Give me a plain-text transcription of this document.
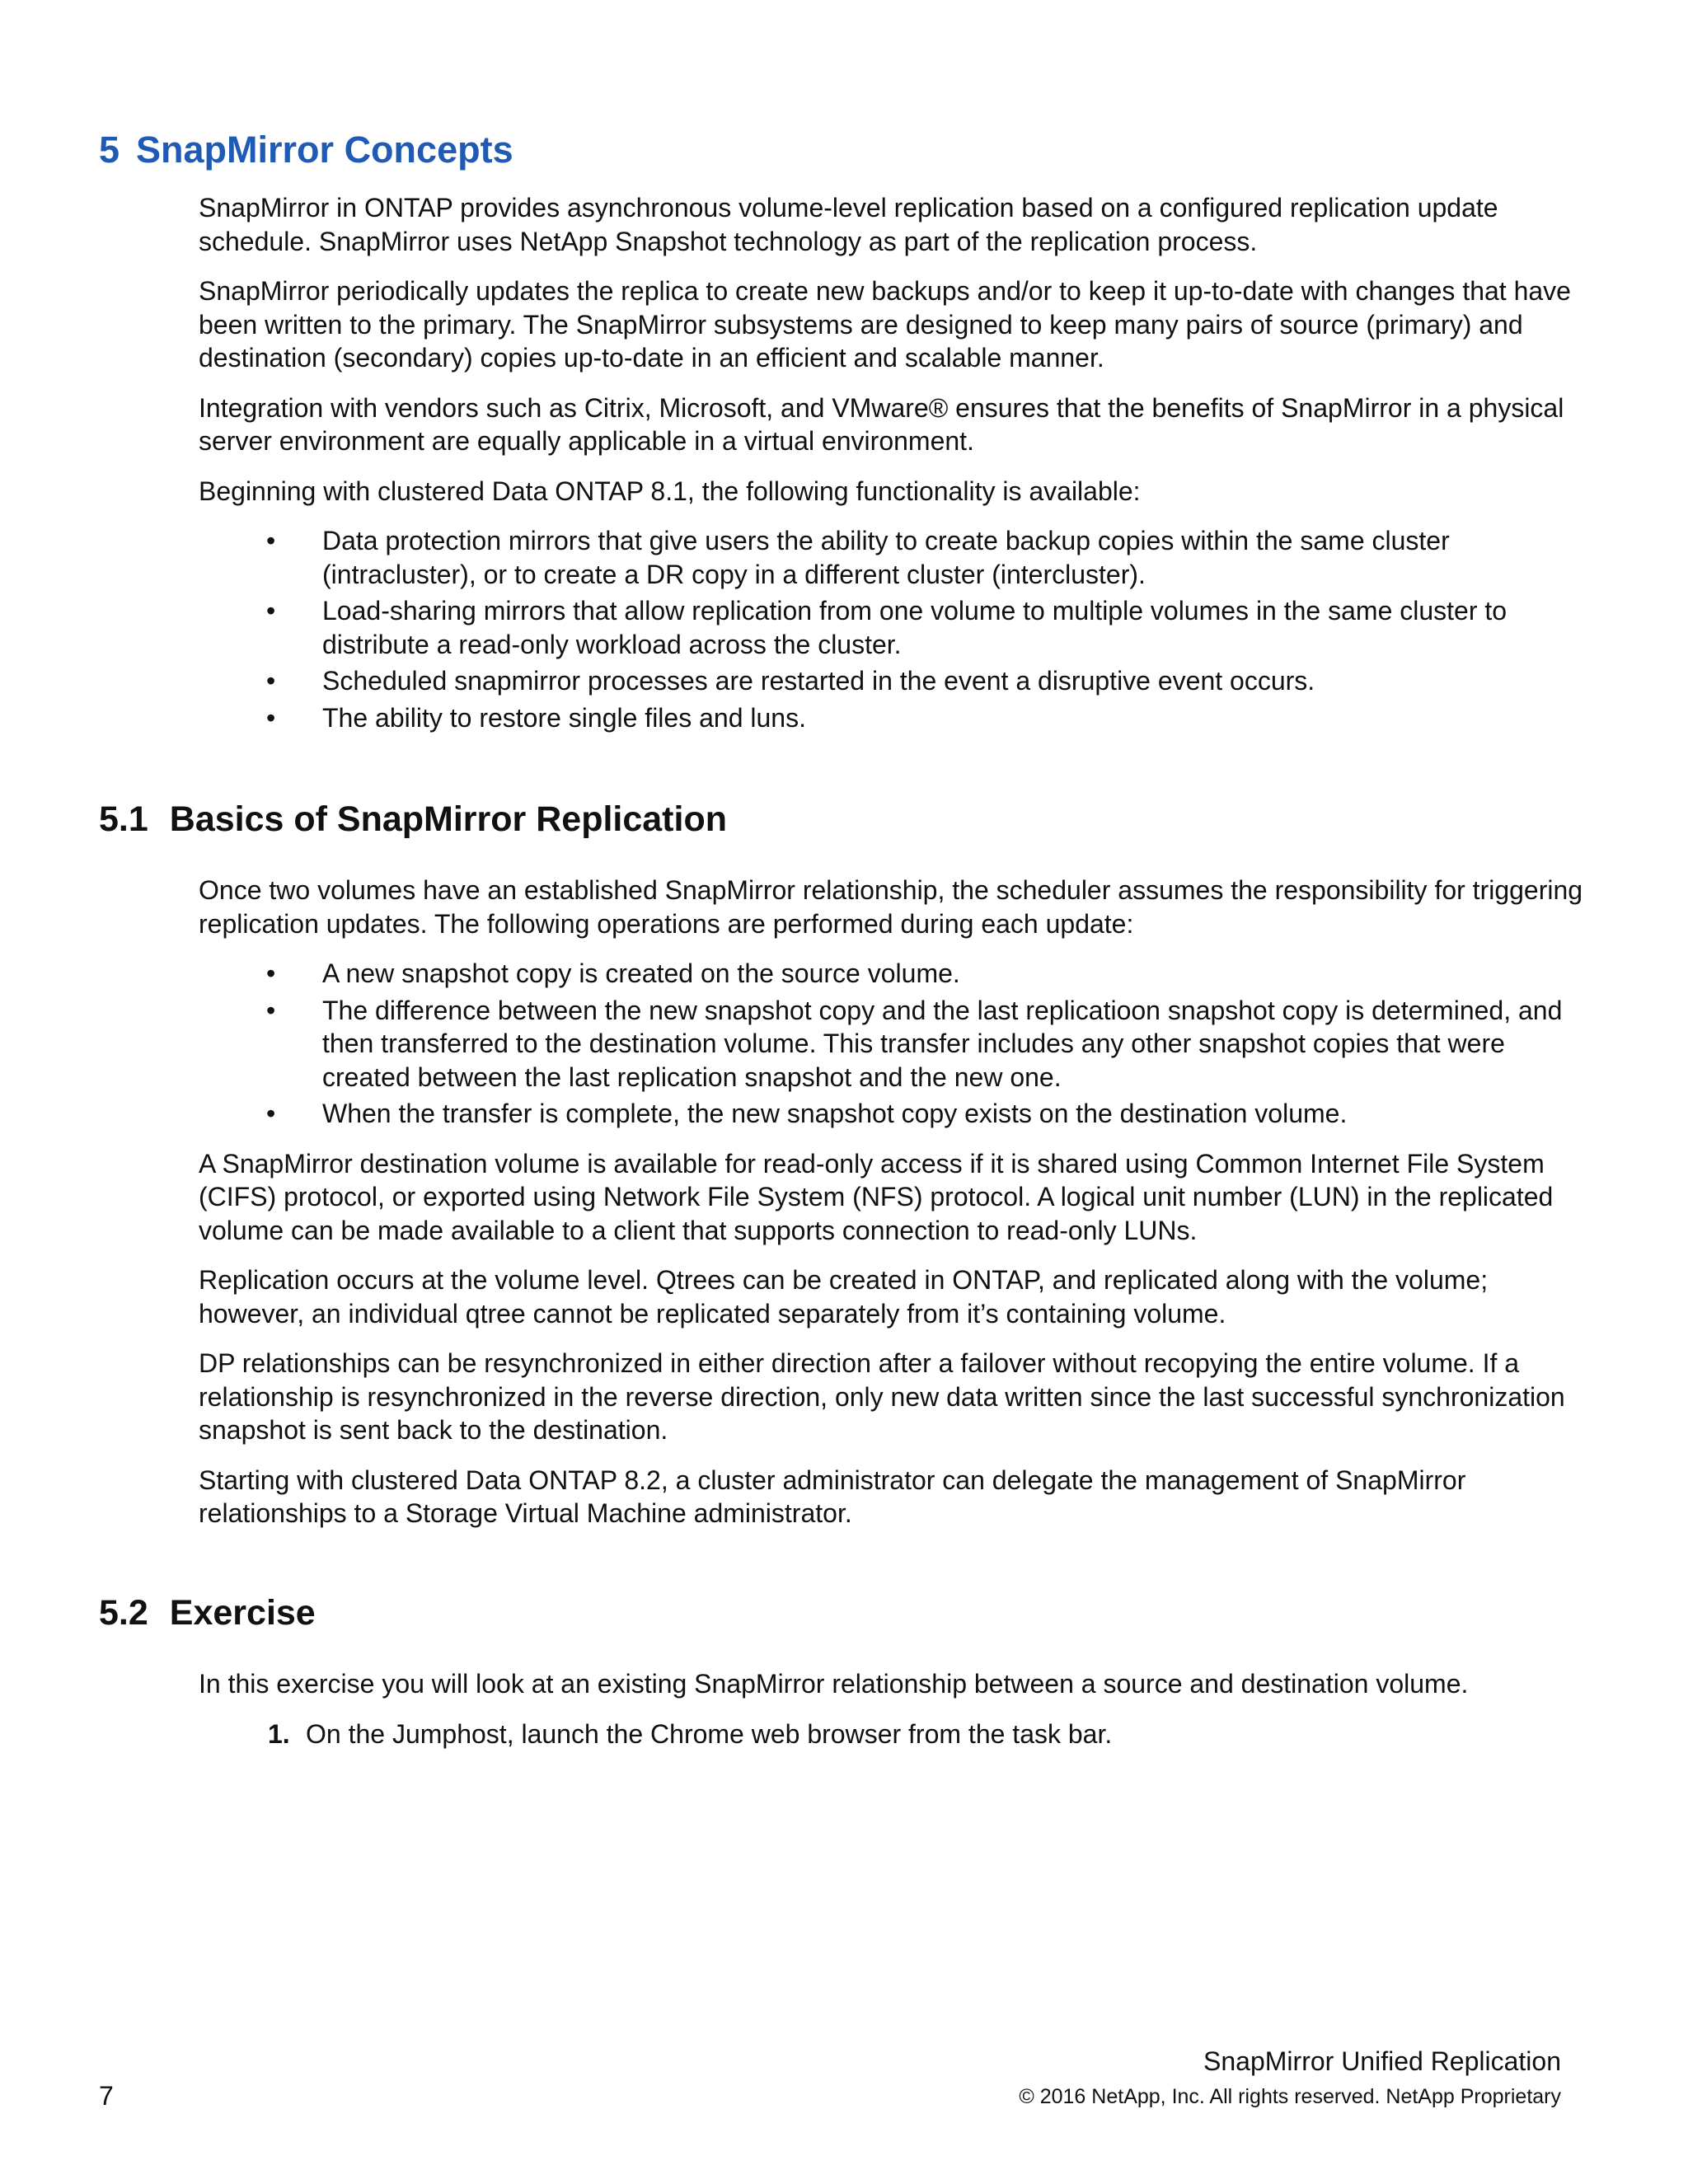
5 SnapMirror Concepts

SnapMirror in ONTAP provides asynchronous volume-level replication based on a configured replication update schedule. SnapMirror uses NetApp Snapshot technology as part of the replication process.

SnapMirror periodically updates the replica to create new backups and/or to keep it up-to-date with changes that have been written to the primary. The SnapMirror subsystems are designed to keep many pairs of source (primary) and destination (secondary) copies up-to-date in an efficient and scalable manner.

Integration with vendors such as Citrix, Microsoft, and VMware® ensures that the benefits of SnapMirror in a physical server environment are equally applicable in a virtual environment.

Beginning with clustered Data ONTAP 8.1, the following functionality is available:

• Data protection mirrors that give users the ability to create backup copies within the same cluster (intracluster), or to create a DR copy in a different cluster (intercluster).
• Load-sharing mirrors that allow replication from one volume to multiple volumes in the same cluster to distribute a read-only workload across the cluster.
• Scheduled snapmirror processes are restarted in the event a disruptive event occurs.
• The ability to restore single files and luns.
5.1 Basics of SnapMirror Replication

Once two volumes have an established SnapMirror relationship, the scheduler assumes the responsibility for triggering replication updates. The following operations are performed during each update:

• A new snapshot copy is created on the source volume.
• The difference between the new snapshot copy and the last replicatioon snapshot copy is determined, and then transferred to the destination volume. This transfer includes any other snapshot copies that were created between the last replication snapshot and the new one.
• When the transfer is complete, the new snapshot copy exists on the destination volume.

A SnapMirror destination volume is available for read-only access if it is shared using Common Internet File System (CIFS) protocol, or exported using Network File System (NFS) protocol. A logical unit number (LUN) in the replicated volume can be made available to a client that supports connection to read-only LUNs.

Replication occurs at the volume level. Qtrees can be created in ONTAP, and replicated along with the volume; however, an individual qtree cannot be replicated separately from it’s containing volume.

DP relationships can be resynchronized in either direction after a failover without recopying the entire volume. If a relationship is resynchronized in the reverse direction, only new data written since the last successful synchronization snapshot is sent back to the destination.

Starting with clustered Data ONTAP 8.2, a cluster administrator can delegate the management of SnapMirror relationships to a Storage Virtual Machine administrator.

5.2 Exercise

In this exercise you will look at an existing SnapMirror relationship between a source and destination volume.

1. On the Jumphost, launch the Chrome web browser from the task bar.
SnapMirror Unified Replication
© 2016 NetApp, Inc. All rights reserved. NetApp Proprietary
7
